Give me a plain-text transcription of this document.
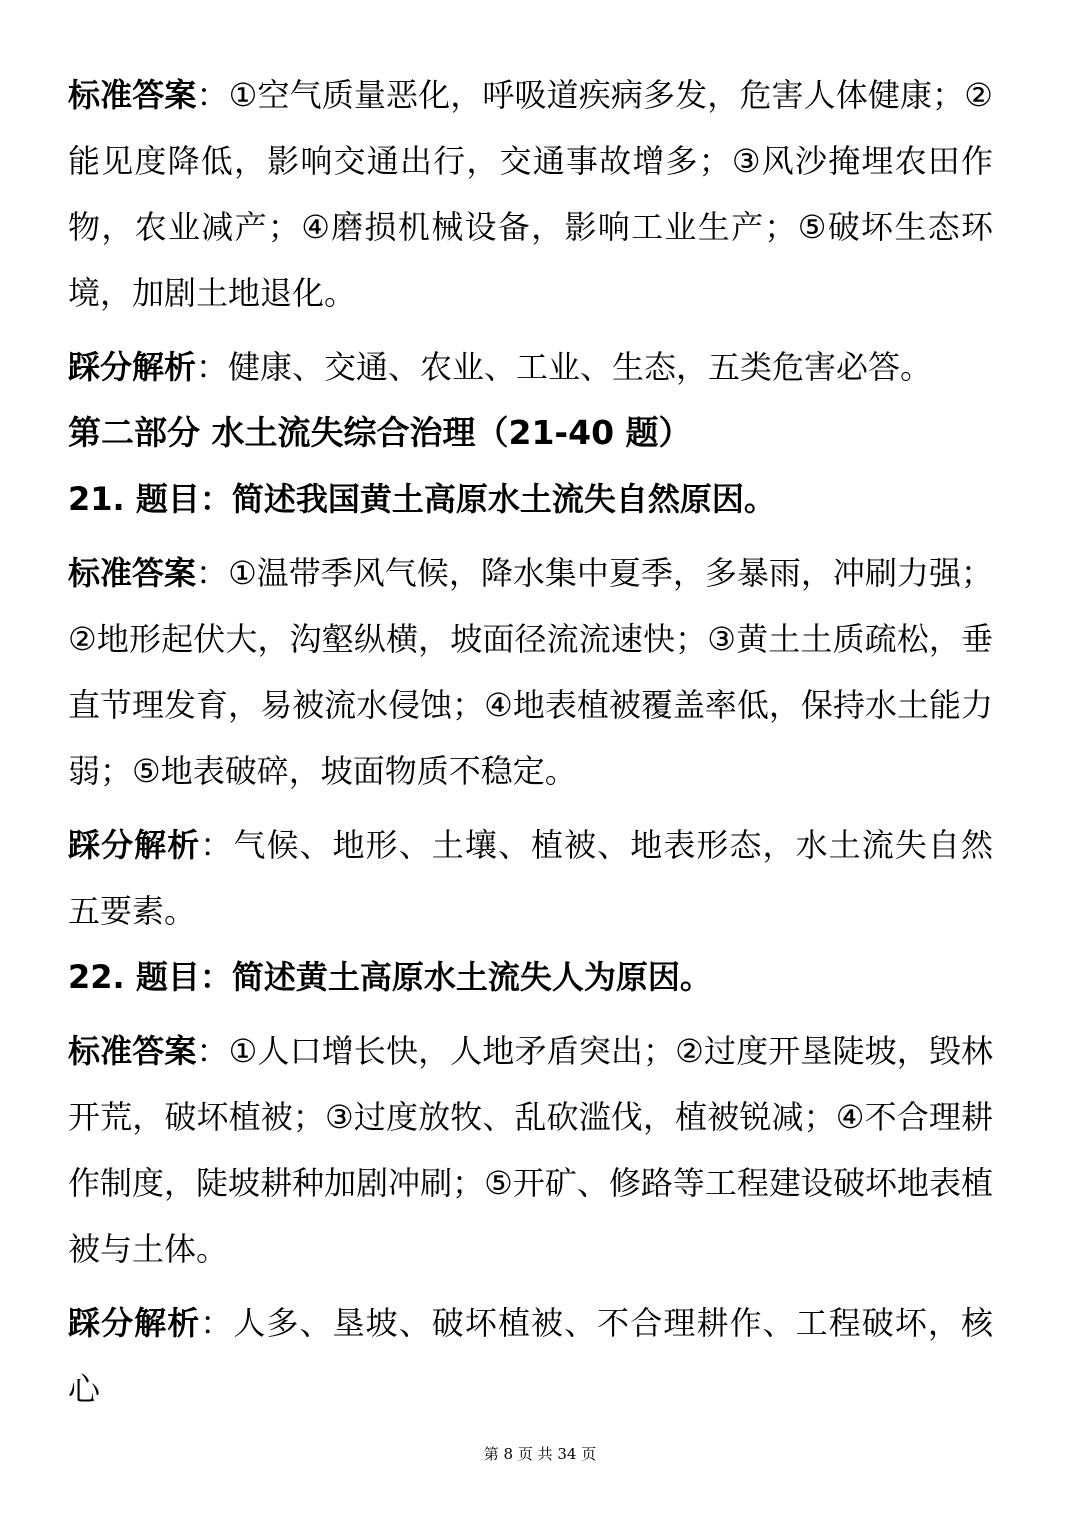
标准答案：①空气质量恶化，呼吸道疾病多发，危害人体健康；②能见度降低，影响交通出行，交通事故增多；③风沙掩埋农田作物，农业减产；④磨损机械设备，影响工业生产；⑤破坏生态环境，加剧土地退化。

踩分解析：健康、交通、农业、工业、生态，五类危害必答。

第二部分 水土流失综合治理（21-40 题）

21. 题目：简述我国黄土高原水土流失自然原因。

标准答案：①温带季风气候，降水集中夏季，多暴雨，冲刷力强；②地形起伏大，沟壑纵横，坡面径流流速快；③黄土土质疏松，垂直节理发育，易被流水侵蚀；④地表植被覆盖率低，保持水土能力弱；⑤地表破碎，坡面物质不稳定。

踩分解析：气候、地形、土壤、植被、地表形态，水土流失自然五要素。

22. 题目：简述黄土高原水土流失人为原因。

标准答案：①人口增长快，人地矛盾突出；②过度开垦陡坡，毁林开荒，破坏植被；③过度放牧、乱砍滥伐，植被锐减；④不合理耕作制度，陡坡耕种加剧冲刷；⑤开矿、修路等工程建设破坏地表植被与土体。

踩分解析：人多、垦坡、破坏植被、不合理耕作、工程破坏，核心

第 8 页 共 34 页
